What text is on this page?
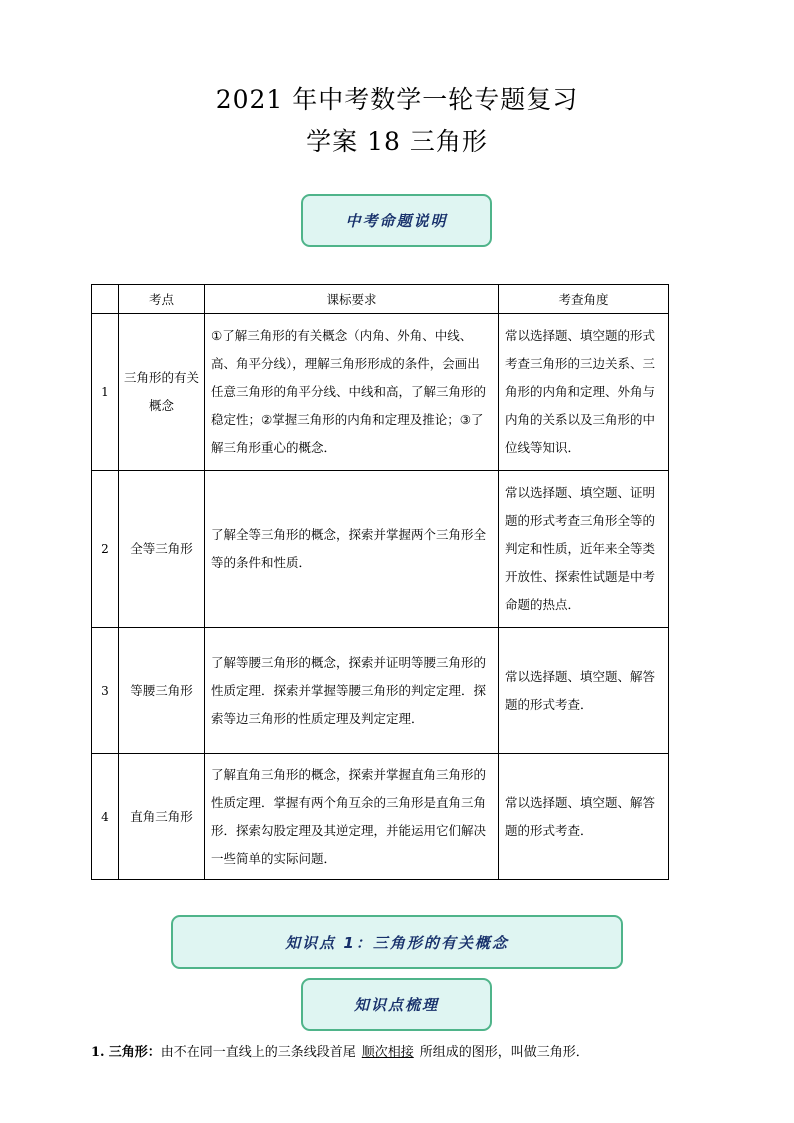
2021 年中考数学一轮专题复习
学案 18 三角形
中考命题说明
	考点	课标要求	考查角度
1	三角形的有关概念	①了解三角形的有关概念（内角、外角、中线、高、角平分线），理解三角形形成的条件，会画出任意三角形的角平分线、中线和高，了解三角形的稳定性；②掌握三角形的内角和定理及推论；③了解三角形重心的概念．	常以选择题、填空题的形式考查三角形的三边关系、三角形的内角和定理、外角与内角的关系以及三角形的中位线等知识．
2	全等三角形	了解全等三角形的概念，探索并掌握两个三角形全等的条件和性质．	常以选择题、填空题、证明题的形式考查三角形全等的判定和性质，近年来全等类开放性、探索性试题是中考命题的热点．
3	等腰三角形	了解等腰三角形的概念，探索并证明等腰三角形的性质定理．探索并掌握等腰三角形的判定定理．探索等边三角形的性质定理及判定定理．	常以选择题、填空题、解答题的形式考查．
4	直角三角形	了解直角三角形的概念，探索并掌握直角三角形的性质定理．掌握有两个角互余的三角形是直角三角形．探索勾股定理及其逆定理，并能运用它们解决一些简单的实际问题．	常以选择题、填空题、解答题的形式考查．
知识点 1：三角形的有关概念
知识点梳理
1. 三角形：由不在同一直线上的三条线段首尾 顺次相接 所组成的图形，叫做三角形．
